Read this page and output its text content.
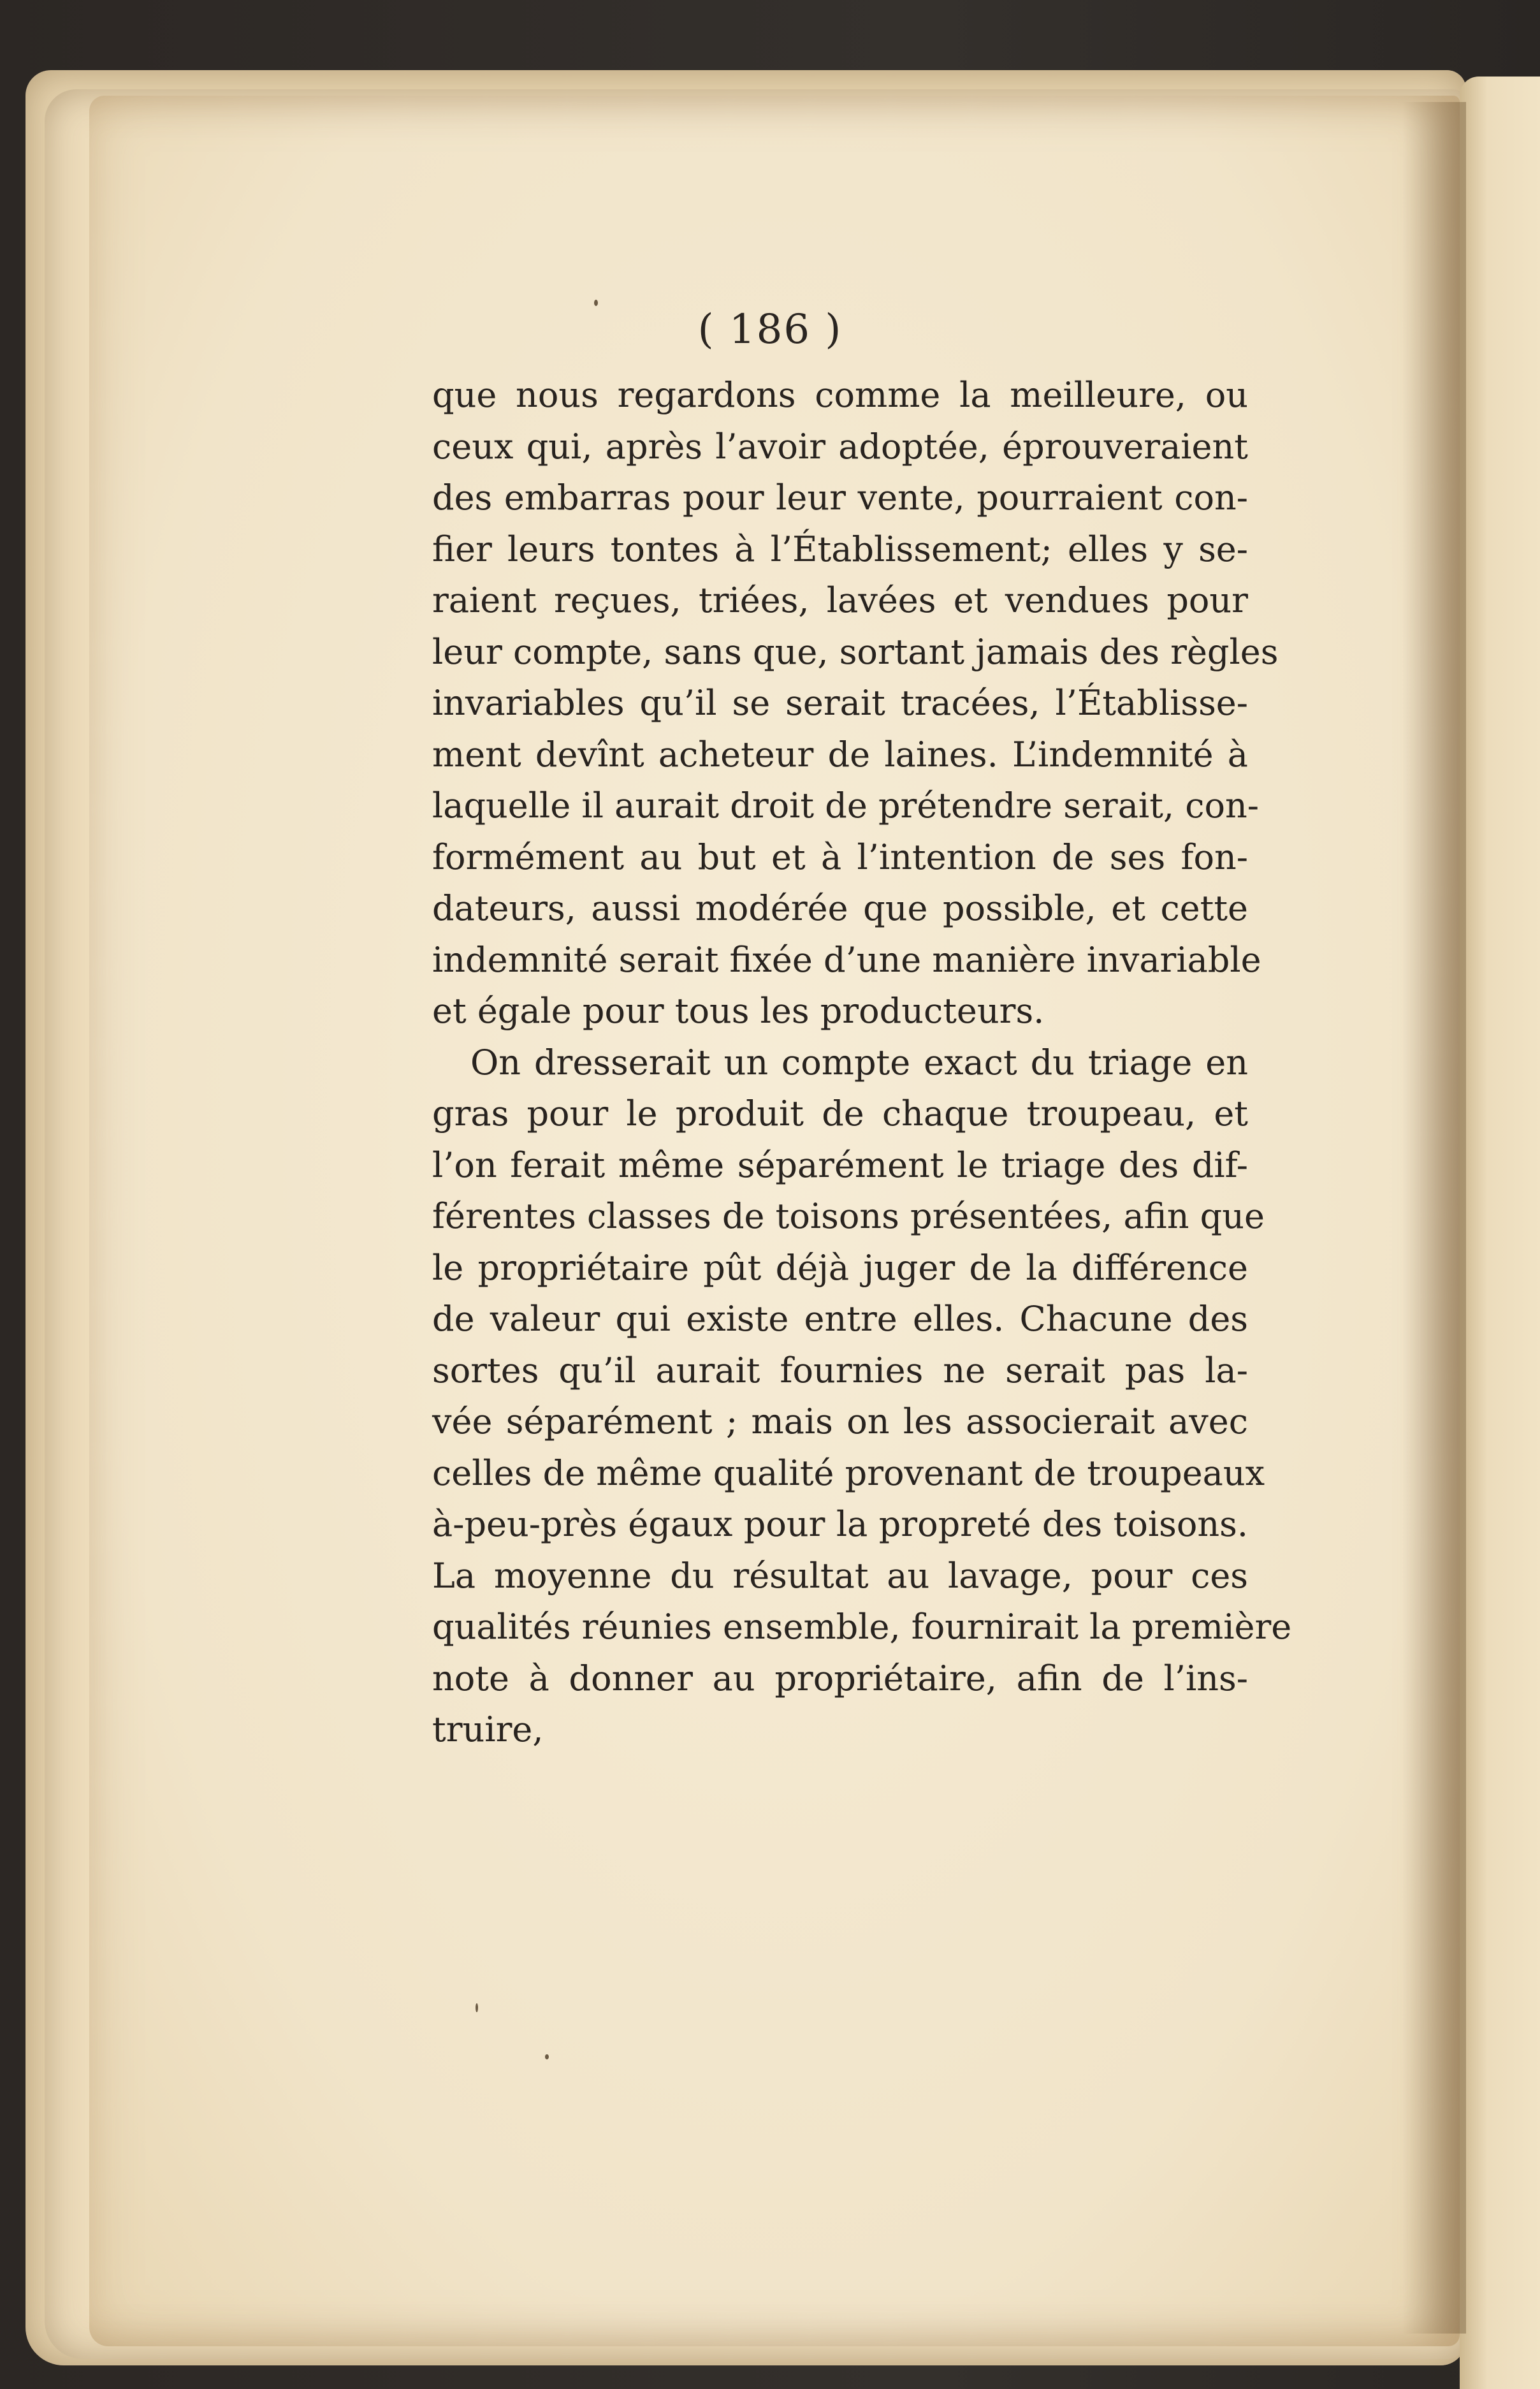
( 186 )
que nous regardons comme la meilleure, ou
ceux qui, après l’avoir adoptée, éprouveraient
des embarras pour leur vente, pourraient con-
fier leurs tontes à l’Établissement; elles y se-
raient reçues, triées, lavées et vendues pour
leur compte, sans que, sortant jamais des règles
invariables qu’il se serait tracées, l’Établisse-
ment devînt acheteur de laines. L’indemnité à
laquelle il aurait droit de prétendre serait, con-
formément au but et à l’intention de ses fon-
dateurs, aussi modérée que possible, et cette
indemnité serait fixée d’une manière invariable
et égale pour tous les producteurs.
On dresserait un compte exact du triage en
gras pour le produit de chaque troupeau, et
l’on ferait même séparément le triage des dif-
férentes classes de toisons présentées, afin que
le propriétaire pût déjà juger de la différence
de valeur qui existe entre elles. Chacune des
sortes qu’il aurait fournies ne serait pas la-
vée séparément ; mais on les associerait avec
celles de même qualité provenant de troupeaux
à-peu-près égaux pour la propreté des toisons.
La moyenne du résultat au lavage, pour ces
qualités réunies ensemble, fournirait la première
note à donner au propriétaire, afin de l’ins-
truire,
